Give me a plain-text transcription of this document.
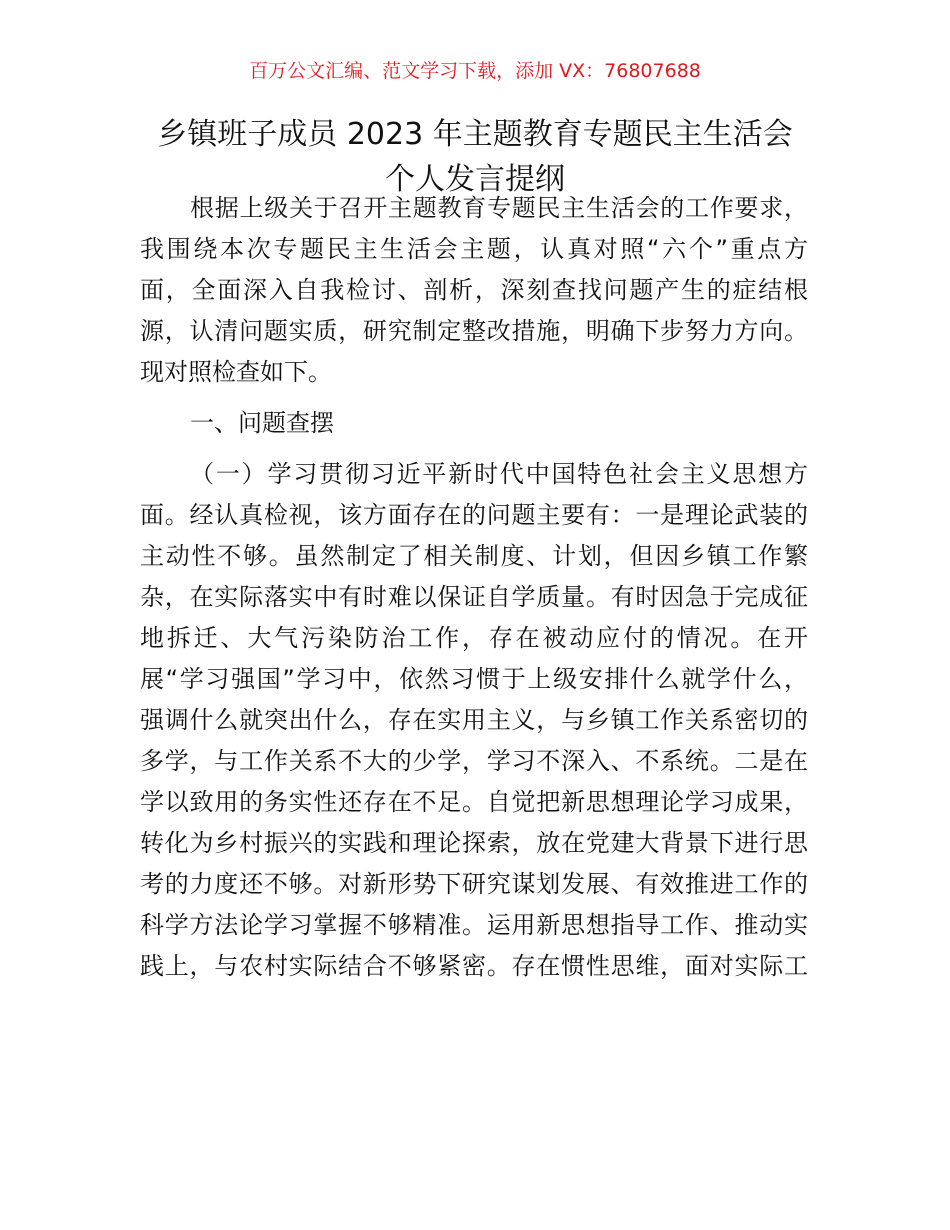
百万公文汇编、范文学习下载，添加 VX：76807688
乡镇班子成员 2023 年主题教育专题民主生活会
个人发言提纲
根据上级关于召开主题教育专题民主生活会的工作要求，
我围绕本次专题民主生活会主题，认真对照“六个”重点方
面，全面深入自我检讨、剖析，深刻查找问题产生的症结根
源，认清问题实质，研究制定整改措施，明确下步努力方向。
现对照检查如下。
一、问题查摆
（一）学习贯彻习近平新时代中国特色社会主义思想方
面。经认真检视，该方面存在的问题主要有：一是理论武装的
主动性不够。虽然制定了相关制度、计划，但因乡镇工作繁
杂，在实际落实中有时难以保证自学质量。有时因急于完成征
地拆迁、大气污染防治工作，存在被动应付的情况。在开
展“学习强国”学习中，依然习惯于上级安排什么就学什么，
强调什么就突出什么，存在实用主义，与乡镇工作关系密切的
多学，与工作关系不大的少学，学习不深入、不系统。二是在
学以致用的务实性还存在不足。自觉把新思想理论学习成果，
转化为乡村振兴的实践和理论探索，放在党建大背景下进行思
考的力度还不够。对新形势下研究谋划发展、有效推进工作的
科学方法论学习掌握不够精准。运用新思想指导工作、推动实
践上，与农村实际结合不够紧密。存在惯性思维，面对实际工
